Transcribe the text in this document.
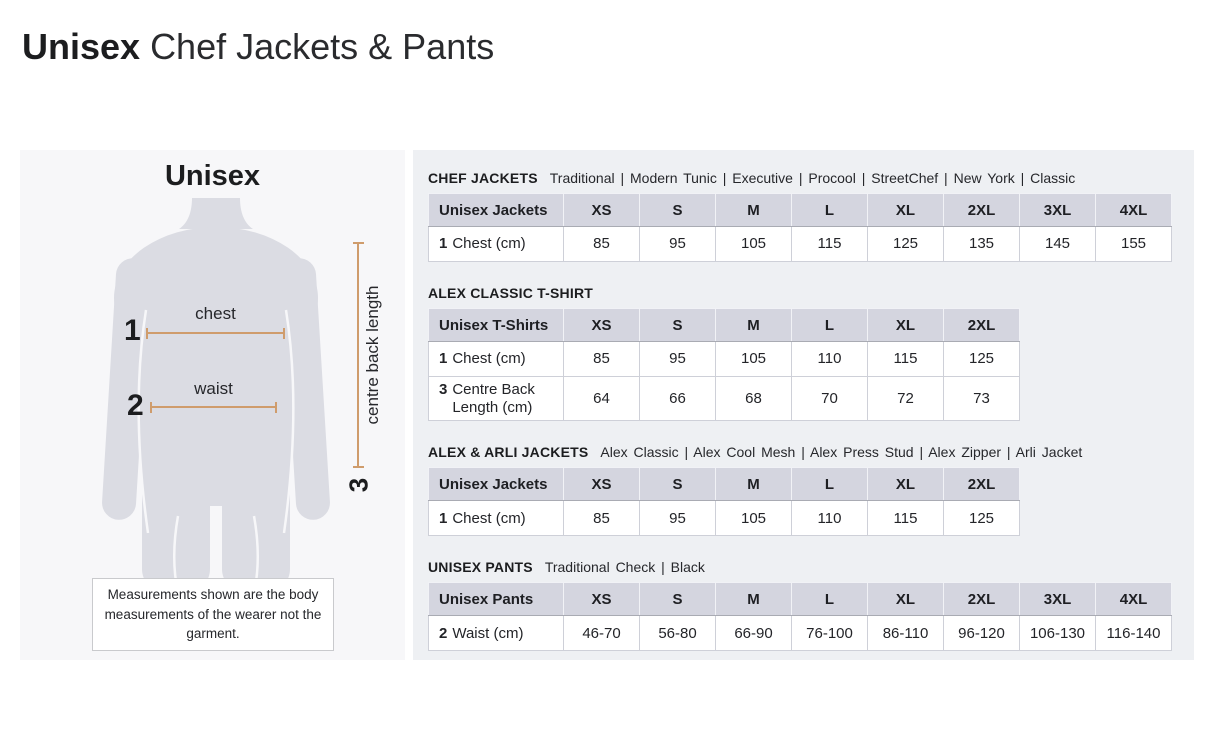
Unisex Chef Jackets & Pants
Unisex
1
chest
2
waist	centre back length
3
Measurements shown are the body measurements of the wearer not the garment.
CHEF JACKETS Traditional | Modern Tunic | Executive | Procool | StreetChef | New York | Classic
Unisex Jackets	XS	S	M	L	XL	2XL	3XL	4XL
1 Chest (cm)	85	95	105	115	125	135	145	155
ALEX CLASSIC T-SHIRT
Unisex T-Shirts	XS	S	M	L	XL	2XL
1 Chest (cm)	85	95	105	110	115	125
3 Centre Back Length (cm)	64	66	68	70	72	73
ALEX & ARLI JACKETS Alex Classic | Alex Cool Mesh | Alex Press Stud | Alex Zipper | Arli Jacket
Unisex Jackets	XS	S	M	L	XL	2XL
1 Chest (cm)	85	95	105	110	115	125
UNISEX PANTS Traditional Check | Black
Unisex Pants	XS	S	M	L	XL	2XL	3XL	4XL
2 Waist (cm)	46-70	56-80	66-90	76-100	86-110	96-120	106-130	116-140
